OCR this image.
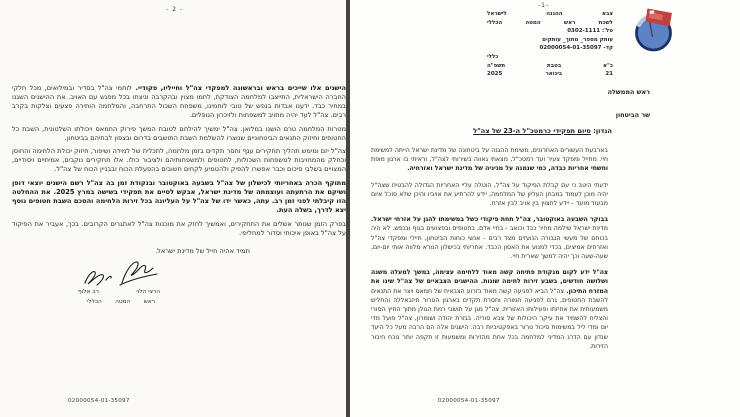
- 2 -

הישגים אלו שייכים בראש ובראשונה למפקדי צה"ל וחייליו, פקודיי. לוחמי צה"ל בסדיר ובמילואים, מכל חלקי החברה הישראלית, התייצבו למלחמה הצודקת, לחמו מצוין ובהקרבה וניצחו בכל מפגש עם האויב. את ההישגים השגנו במחיר כבד. ידענו אבדות בנפש של טובי לוחמינו, משפחת השכול התרחבה, והמלחמה הותירה פצעים וצלקות בקרב רבים. צה"ל לעד יהיה מחויב למשפחות ולזיכרון הנופלים.

מטרות המלחמה טרם הושגו במלואן. צה"ל ימשיך להילחם לטובת המשך פירוק החמאס ויכולתו השלטונית, השבת כל החטופים וחיזוק התנאים הביטחוניים שנוצרו להשלמת השבת התושבים בדרום ובצפון לבתיהם בביטחון.

צה"ל יזם ומימש תהליך תחקירים ענף וחסר תקדים בזמן מלחמה, לתכלית של למידה ושיפור, חיזוק יכולת הלחימה והחוסן וכחלק מהמחויבות למשפחות השכולות, לחטופים ולמשפחותיהם ולציבור כולו. אלו תחקירים נוקבים, אמיתיים ויסודיים, המצויים בשלבי סיכום וכבר אפשרו להפיק ולהטמיע לקחים חשובים בהפעלת הכוח ובבניין הכוח של צה"ל.

מתוקף הכרה באחריותי לכישלון של צה"ל בשבעה באוקטובר ובנקודת זמן בה צה"ל רשם הישגים יוצאי דופן ושיקם את הרתעתה ועוצמתה של מדינת ישראל, אבקש לסיים את תפקידי בשישה במרץ 2025. את ההחלטה הזו קיבלתי לפני זמן רב. עתה, כאשר ידו של צה"ל על העליונה בכל זירות הלחימה והסכם השבת חטופים נוסף יצא לדרך, בשלה העת.

בפרק הזמן שנותר אשלים את התחקירים, ואמשיך לחזק את מוכנות צה"ל לאתגרים הקרובים. בכך, אעביר את הפיקוד על צה"ל באופן איכותי וסדור למחליפי.

תמיד אהיה חייל של מדינת ישראל.
הרצי הלוי
רב אלוף
ראש המטה הכללי
02000054-01-35097
-1-
צבא ההגנה לישראל
לשכת ראש המטה הכללי
טל': 0302-1111
עותק מספר_ מתוך_ עותקים
קד- 02000054-01-35097
כללי
כ"א בטבת תשפ"ה
21 בינואר 2025
ראש הממשלה
שר הביטחון
הנדון: סיום תפקידי כרמטכ"ל ה-23 של צה"ל

בארבעת העשורים האחרונים, משימת ההגנה על ביטחונה של מדינת ישראל הייתה למשימת חיי. מחייל ומפקד צעיר ועד רמטכ"ל, מצאתי גאווה בשירותי לצה"ל, וראיתי בו ארגון מופת וחשתי אחריות כבדה, כמי שנמנה על מגיניה של מדינת ישראל ואזרחיה.

ידעתי היטב כי עם קבלת הפיקוד על צה"ל, הוטלה עליי האחריות הגדולה להבטיח שצה"ל יהיה מוכן לעמוד במבחן העליון של המלחמה, יידע להרתיע את אויביו והיכן שלא סוכל איום מבעוד מועד – יידע לחצוץ בין אויב לבין אזרח.

בבוקר השבעה באוקטובר, צה"ל תחת פיקודי כשל במשימתו להגן על אזרחי ישראל. מדינת ישראל שילמה מחיר כבד וכואב - בחיי אדם, בחטופים ובפצועים בגוף ובנפש. לא היה בכוחם של מעשי הגבורה הנועזים מצד רבים - אנשי כוחות הביטחון, חיילי ומפקדי צה"ל ואזרחים אמיצים, בכדי למנוע את האסון הכבד. אחריותי בכישלון הנורא מלווה אותי יום-יום, שעה-שעה וכך יהיה למשך שארית חיי.

צה"ל ידע לקום מנקודת פתיחה קשה מאוד ללחימה עצימה, במשך למעלה משנה ושלושה חודשים, בשבע זירות לחימה שונות. ההישגים הצבאיים של צה"ל שינו את המזרח התיכון. צה"ל הביא לפגיעה קשה מאוד בזרוע הצבאית של חמאס ויצר את התנאים להשבת החטופים, גרם לפגיעה חמורה וחסרת תקדים בארגון הטרור חיזבאללה והחליש משמעותית את אחיזתו ופעילותו האזורית. צה"ל מגן על תושבי רמת הגולן מתוך החיץ הסורי והצליח להשמיד את עיקר היכולות של צבא סוריה. בגזרת יהודה ושומרון, צה"ל פועל מדי יום ומדי ליל במשימות סיכול טרור באפקטיביות רבה. הישגים אלה הם הרבה מעל כל היעד שנדון עם הדרג המדיני למלחמה בכל אחת מהזירות ומשמעות זו תקפה יותר נוכח חיבור הזירות.

02000054-01-35097
